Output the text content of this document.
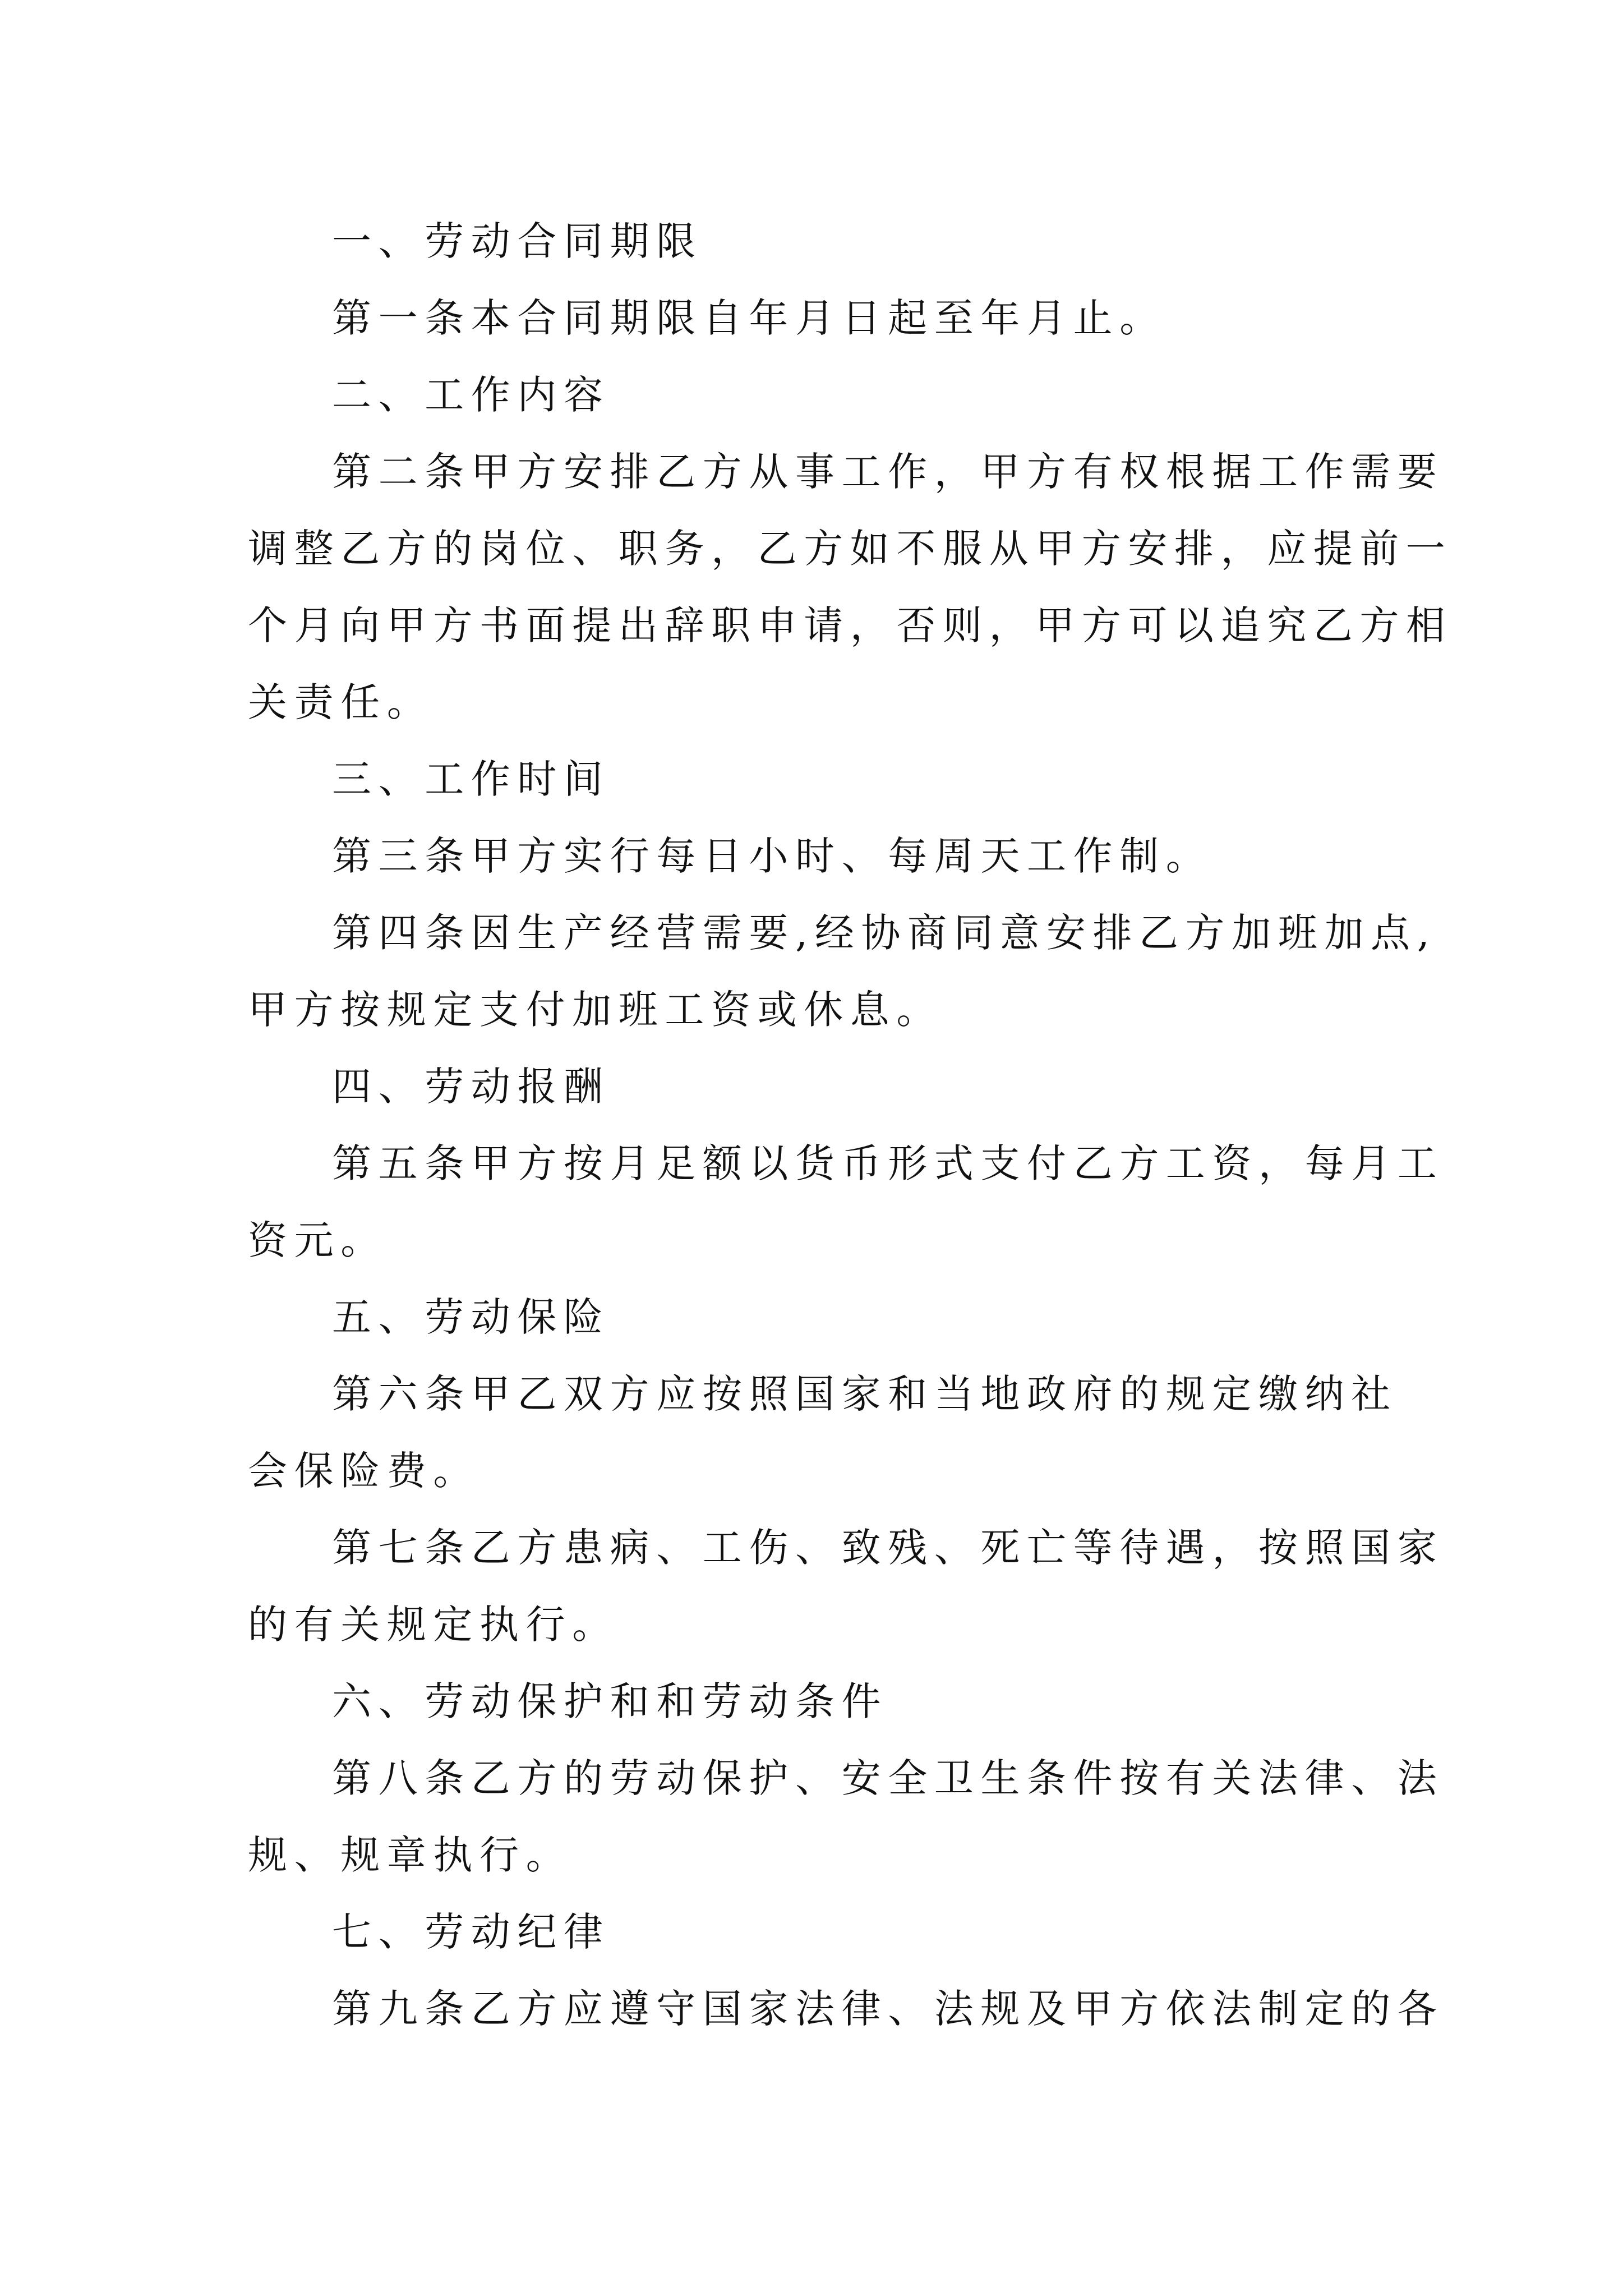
一、劳动合同期限
第一条本合同期限自年月日起至年月止。
二、工作内容
第二条甲方安排乙方从事工作，甲方有权根据工作需要
调整乙方的岗位、职务，乙方如不服从甲方安排，应提前一
个月向甲方书面提出辞职申请，否则，甲方可以追究乙方相
关责任。
三、工作时间
第三条甲方实行每日小时、每周天工作制。
第四条因生产经营需要,经协商同意安排乙方加班加点,
甲方按规定支付加班工资或休息。
四、劳动报酬
第五条甲方按月足额以货币形式支付乙方工资，每月工
资元。
五、劳动保险
第六条甲乙双方应按照国家和当地政府的规定缴纳社
会保险费。
第七条乙方患病、工伤、致残、死亡等待遇，按照国家
的有关规定执行。
六、劳动保护和和劳动条件
第八条乙方的劳动保护、安全卫生条件按有关法律、法
规、规章执行。
七、劳动纪律
第九条乙方应遵守国家法律、法规及甲方依法制定的各
